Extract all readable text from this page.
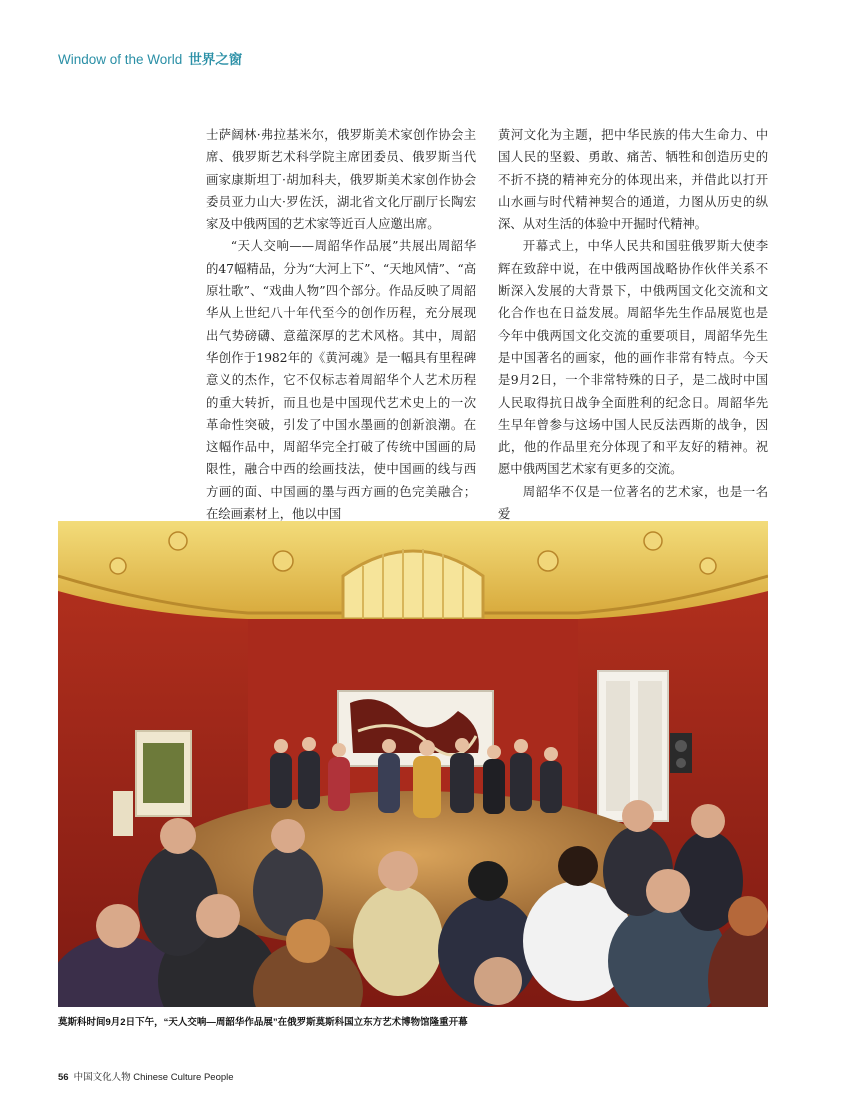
Window of the World 世界之窗

士萨阔林·弗拉基米尔，俄罗斯美术家创作协会主席、俄罗斯艺术科学院主席团委员、俄罗斯当代画家康斯坦丁·胡加科夫，俄罗斯美术家创作协会委员亚力山大·罗佐沃，湖北省文化厅副厅长陶宏家及中俄两国的艺术家等近百人应邀出席。

“天人交响——周韶华作品展”共展出周韶华的47幅精品，分为“大河上下”、“天地风情”、“高原壮歌”、“戏曲人物”四个部分。作品反映了周韶华从上世纪八十年代至今的创作历程，充分展现出气势磅礴、意蕴深厚的艺术风格。其中，周韶华创作于1982年的《黄河魂》是一幅具有里程碑意义的杰作，它不仅标志着周韶华个人艺术历程的重大转折，而且也是中国现代艺术史上的一次革命性突破，引发了中国水墨画的创新浪潮。在这幅作品中，周韶华完全打破了传统中国画的局限性，融合中西的绘画技法，使中国画的线与西方画的面、中国画的墨与西方画的色完美融合；在绘画素材上，他以中国

黄河文化为主题，把中华民族的伟大生命力、中国人民的坚毅、勇敢、痛苦、牺牲和创造历史的不折不挠的精神充分的体现出来，并借此以打开山水画与时代精神契合的通道，力图从历史的纵深、从对生活的体验中开掘时代精神。

开幕式上，中华人民共和国驻俄罗斯大使李辉在致辞中说，在中俄两国战略协作伙伴关系不断深入发展的大背景下，中俄两国文化交流和文化合作也在日益发展。周韶华先生作品展览也是今年中俄两国文化交流的重要项目，周韶华先生是中国著名的画家，他的画作非常有特点。今天是9月2日，一个非常特殊的日子，是二战时中国人民取得抗日战争全面胜利的纪念日。周韶华先生早年曾参与这场中国人民反法西斯的战争，因此，他的作品里充分体现了和平友好的精神。祝愿中俄两国艺术家有更多的交流。

周韶华不仅是一位著名的艺术家，也是一名爱

莫斯科时间9月2日下午，“天人交响—周韶华作品展”在俄罗斯莫斯科国立东方艺术博物馆隆重开幕
56 中国文化人物 Chinese Culture People
